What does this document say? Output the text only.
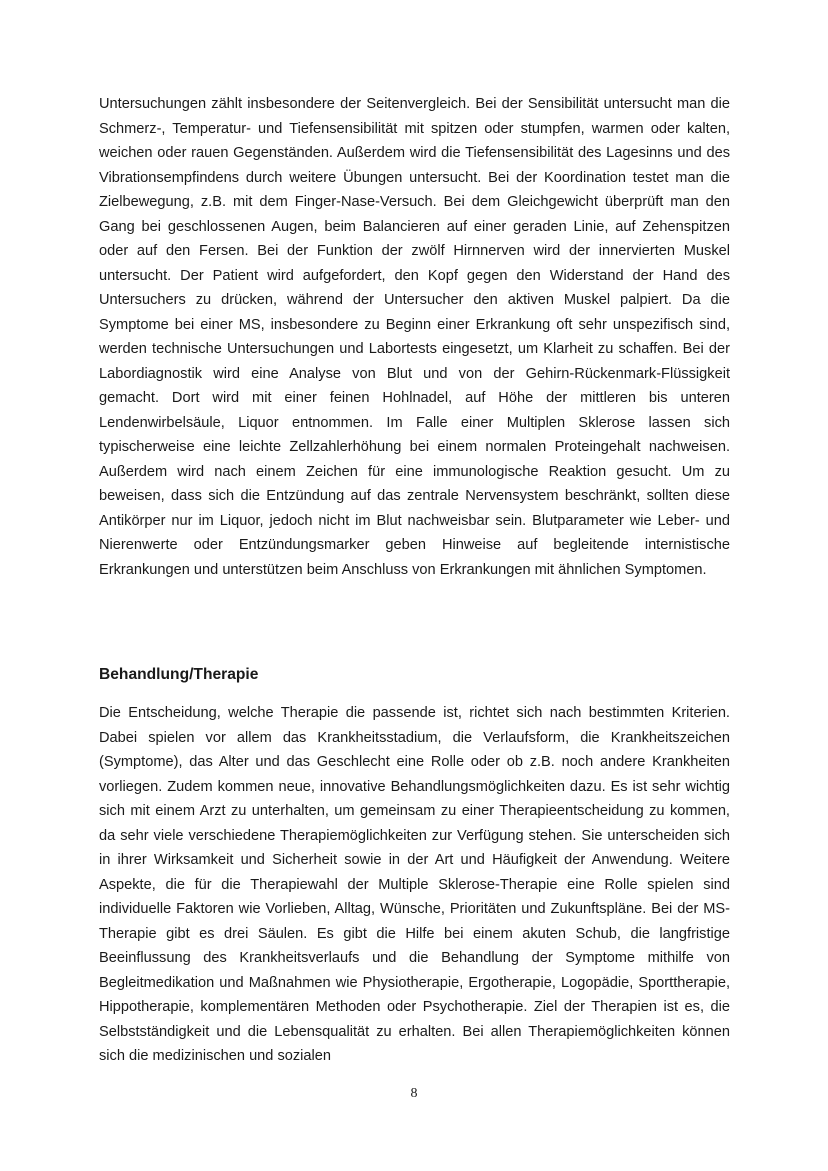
Untersuchungen zählt insbesondere der Seitenvergleich. Bei der Sensibilität untersucht man die Schmerz-, Temperatur- und Tiefensensibilität mit spitzen oder stumpfen, warmen oder kalten, weichen oder rauen Gegenständen. Außerdem wird die Tiefensensibilität des Lagesinns und des Vibrationsempfindens durch weitere Übungen untersucht. Bei der Koordination testet man die Zielbewegung, z.B. mit dem Finger-Nase-Versuch. Bei dem Gleichgewicht überprüft man den Gang bei geschlossenen Augen, beim Balancieren auf einer geraden Linie, auf Zehenspitzen oder auf den Fersen. Bei der Funktion der zwölf Hirnnerven wird der innervierten Muskel untersucht. Der Patient wird aufgefordert, den Kopf gegen den Widerstand der Hand des Untersuchers zu drücken, während der Untersucher den aktiven Muskel palpiert. Da die Symptome bei einer MS, insbesondere zu Beginn einer Erkrankung oft sehr unspezifisch sind, werden technische Untersuchungen und Labortests eingesetzt, um Klarheit zu schaffen. Bei der Labordiagnostik wird eine Analyse von Blut und von der Gehirn-Rückenmark-Flüssigkeit gemacht. Dort wird mit einer feinen Hohlnadel, auf Höhe der mittleren bis unteren Lendenwirbelsäule, Liquor entnommen. Im Falle einer Multiplen Sklerose lassen sich typischerweise eine leichte Zellzahlerhöhung bei einem normalen Proteingehalt nachweisen. Außerdem wird nach einem Zeichen für eine immunologische Reaktion gesucht. Um zu beweisen, dass sich die Entzündung auf das zentrale Nervensystem beschränkt, sollten diese Antikörper nur im Liquor, jedoch nicht im Blut nachweisbar sein. Blutparameter wie Leber- und Nierenwerte oder Entzündungsmarker geben Hinweise auf begleitende internistische Erkrankungen und unterstützen beim Anschluss von Erkrankungen mit ähnlichen Symptomen.

Behandlung/Therapie

Die Entscheidung, welche Therapie die passende ist, richtet sich nach bestimmten Kriterien. Dabei spielen vor allem das Krankheitsstadium, die Verlaufsform, die Krankheitszeichen (Symptome), das Alter und das Geschlecht eine Rolle oder ob z.B. noch andere Krankheiten vorliegen. Zudem kommen neue, innovative Behandlungsmöglichkeiten dazu. Es ist sehr wichtig sich mit einem Arzt zu unterhalten, um gemeinsam zu einer Therapieentscheidung zu kommen, da sehr viele verschiedene Therapiemöglichkeiten zur Verfügung stehen. Sie unterscheiden sich in ihrer Wirksamkeit und Sicherheit sowie in der Art und Häufigkeit der Anwendung. Weitere Aspekte, die für die Therapiewahl der Multiple Sklerose-Therapie eine Rolle spielen sind individuelle Faktoren wie Vorlieben, Alltag, Wünsche, Prioritäten und Zukunftspläne. Bei der MS-Therapie gibt es drei Säulen. Es gibt die Hilfe bei einem akuten Schub, die langfristige Beeinflussung des Krankheitsverlaufs und die Behandlung der Symptome mithilfe von Begleitmedikation und Maßnahmen wie Physiotherapie, Ergotherapie, Logopädie, Sporttherapie, Hippotherapie, komplementären Methoden oder Psychotherapie. Ziel der Therapien ist es, die Selbstständigkeit und die Lebensqualität zu erhalten. Bei allen Therapiemöglichkeiten können sich die medizinischen und sozialen

8
